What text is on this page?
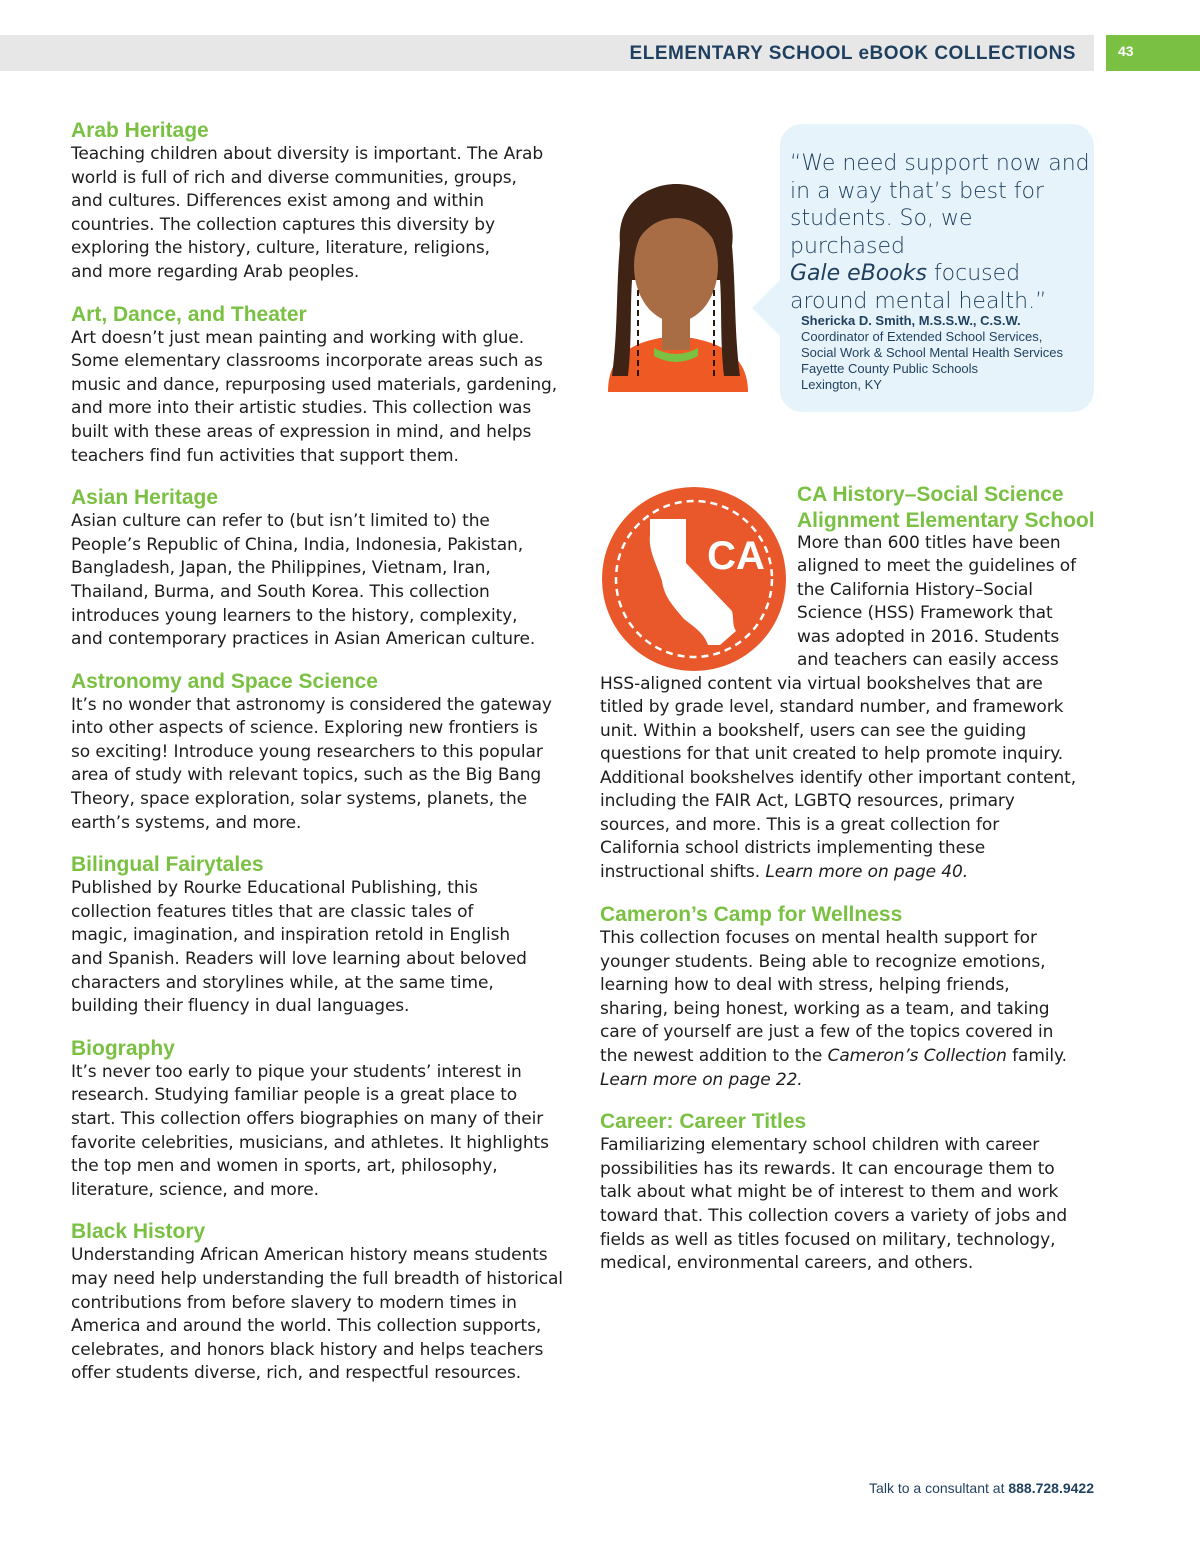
ELEMENTARY SCHOOL eBOOK COLLECTIONS	43
Arab Heritage

Teaching children about diversity is important. The Arab
world is full of rich and diverse communities, groups,
and cultures. Differences exist among and within
countries. The collection captures this diversity by
exploring the history, culture, literature, religions,
and more regarding Arab peoples.

Art, Dance, and Theater

Art doesn’t just mean painting and working with glue.
Some elementary classrooms incorporate areas such as
music and dance, repurposing used materials, gardening,
and more into their artistic studies. This collection was
built with these areas of expression in mind, and helps
teachers find fun activities that support them.

Asian Heritage

Asian culture can refer to (but isn’t limited to) the
People’s Republic of China, India, Indonesia, Pakistan,
Bangladesh, Japan, the Philippines, Vietnam, Iran,
Thailand, Burma, and South Korea. This collection
introduces young learners to the history, complexity,
and contemporary practices in Asian American culture.

Astronomy and Space Science

It’s no wonder that astronomy is considered the gateway
into other aspects of science. Exploring new frontiers is
so exciting! Introduce young researchers to this popular
area of study with relevant topics, such as the Big Bang
Theory, space exploration, solar systems, planets, the
earth’s systems, and more.

Bilingual Fairytales

Published by Rourke Educational Publishing, this
collection features titles that are classic tales of
magic, imagination, and inspiration retold in English
and Spanish. Readers will love learning about beloved
characters and storylines while, at the same time,
building their fluency in dual languages.

Biography

It’s never too early to pique your students’ interest in
research. Studying familiar people is a great place to
start. This collection offers biographies on many of their
favorite celebrities, musicians, and athletes. It highlights
the top men and women in sports, art, philosophy,
literature, science, and more.

Black History

Understanding African American history means students
may need help understanding the full breadth of historical
contributions from before slavery to modern times in
America and around the world. This collection supports,
celebrates, and honors black history and helps teachers
offer students diverse, rich, and respectful resources.

“We need support now and
in a way that’s best for
students. So, we purchased
Gale eBooks focused
around mental health.”
Shericka D. Smith, M.S.S.W., C.S.W.
Coordinator of Extended School Services,
Social Work & School Mental Health Services
Fayette County Public Schools
Lexington, KY
CA
CA History–Social Science
Alignment Elementary School
More than 600 titles have been
aligned to meet the guidelines of
the California History–Social
Science (HSS) Framework that
was adopted in 2016. Students
and teachers can easily access
HSS-aligned content via virtual bookshelves that are
titled by grade level, standard number, and framework
unit. Within a bookshelf, users can see the guiding
questions for that unit created to help promote inquiry.
Additional bookshelves identify other important content,
including the FAIR Act, LGBTQ resources, primary
sources, and more. This is a great collection for
California school districts implementing these
instructional shifts. Learn more on page 40.
Cameron’s Camp for Wellness

This collection focuses on mental health support for
younger students. Being able to recognize emotions,
learning how to deal with stress, helping friends,
sharing, being honest, working as a team, and taking
care of yourself are just a few of the topics covered in
the newest addition to the Cameron’s Collection family.
Learn more on page 22.

Career: Career Titles

Familiarizing elementary school children with career
possibilities has its rewards. It can encourage them to
talk about what might be of interest to them and work
toward that. This collection covers a variety of jobs and
fields as well as titles focused on military, technology,
medical, environmental careers, and others.

Talk to a consultant at 888.728.9422
